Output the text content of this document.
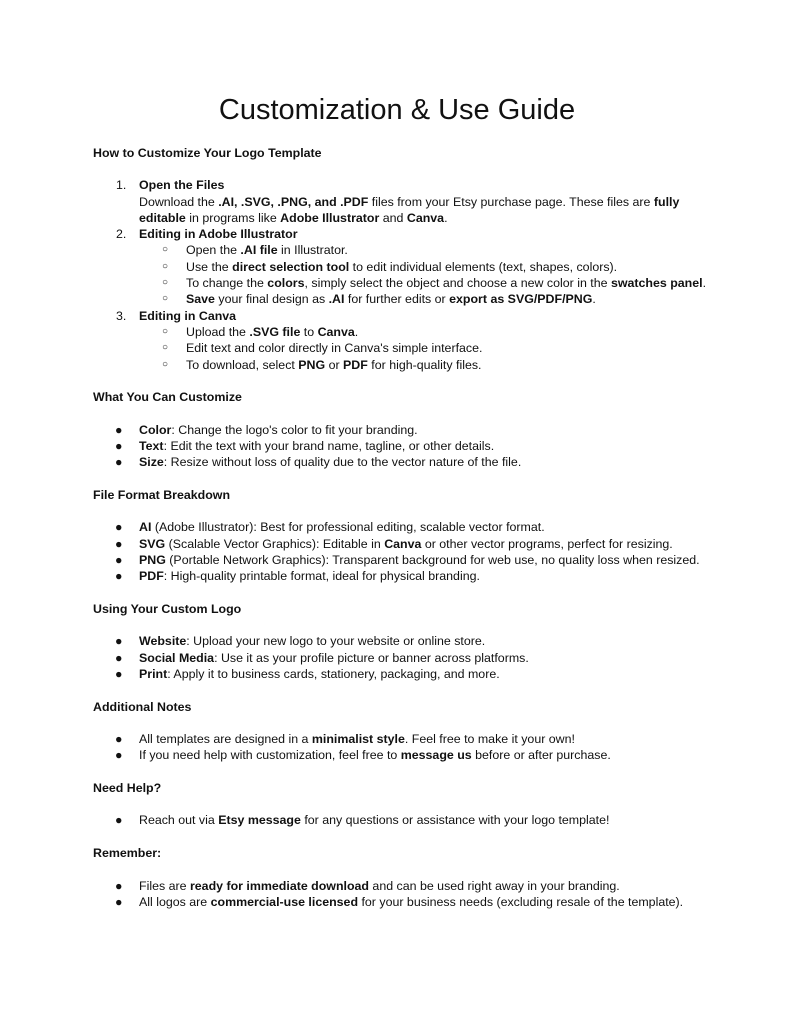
Customization & Use Guide

How to Customize Your Logo Template

1. Open the Files
Download the .AI, .SVG, .PNG, and .PDF files from your Etsy purchase page. These files are fully
editable in programs like Adobe Illustrator and Canva.
2. Editing in Adobe Illustrator
○ Open the .AI file in Illustrator.
○ Use the direct selection tool to edit individual elements (text, shapes, colors).
○ To change the colors, simply select the object and choose a new color in the swatches panel.
○ Save your final design as .AI for further edits or export as SVG/PDF/PNG.
3. Editing in Canva
○ Upload the .SVG file to Canva.
○ Edit text and color directly in Canva's simple interface.
○ To download, select PNG or PDF for high-quality files.

What You Can Customize

● Color: Change the logo's color to fit your branding.
● Text: Edit the text with your brand name, tagline, or other details.
● Size: Resize without loss of quality due to the vector nature of the file.

File Format Breakdown

● AI (Adobe Illustrator): Best for professional editing, scalable vector format.
● SVG (Scalable Vector Graphics): Editable in Canva or other vector programs, perfect for resizing.
● PNG (Portable Network Graphics): Transparent background for web use, no quality loss when resized.
● PDF: High-quality printable format, ideal for physical branding.

Using Your Custom Logo

● Website: Upload your new logo to your website or online store.
● Social Media: Use it as your profile picture or banner across platforms.
● Print: Apply it to business cards, stationery, packaging, and more.

Additional Notes

● All templates are designed in a minimalist style. Feel free to make it your own!
● If you need help with customization, feel free to message us before or after purchase.

Need Help?

● Reach out via Etsy message for any questions or assistance with your logo template!

Remember:

● Files are ready for immediate download and can be used right away in your branding.
● All logos are commercial-use licensed for your business needs (excluding resale of the template).
